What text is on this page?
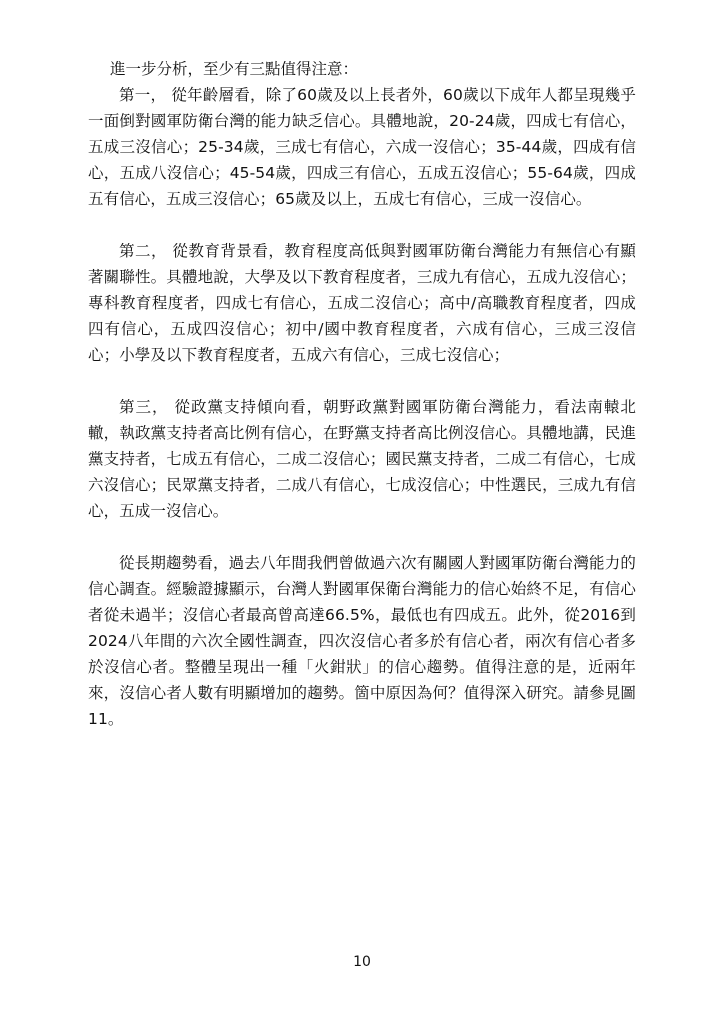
進一步分析，至少有三點值得注意：

第一， 從年齡層看，除了60歲及以上長者外，60歲以下成年人都呈現幾乎一面倒對國軍防衛台灣的能力缺乏信心。具體地說，20-24歲，四成七有信心，五成三沒信心；25-34歲，三成七有信心，六成一沒信心；35-44歲，四成有信心，五成八沒信心；45-54歲，四成三有信心，五成五沒信心；55-64歲，四成五有信心，五成三沒信心；65歲及以上，五成七有信心，三成一沒信心。

第二， 從教育背景看，教育程度高低與對國軍防衛台灣能力有無信心有顯著關聯性。具體地說，大學及以下教育程度者，三成九有信心，五成九沒信心；專科教育程度者，四成七有信心，五成二沒信心；高中/高職教育程度者，四成四有信心，五成四沒信心；初中/國中教育程度者，六成有信心，三成三沒信心；小學及以下教育程度者，五成六有信心，三成七沒信心；

第三， 從政黨支持傾向看，朝野政黨對國軍防衛台灣能力，看法南轅北轍，執政黨支持者高比例有信心，在野黨支持者高比例沒信心。具體地講，民進黨支持者，七成五有信心，二成二沒信心；國民黨支持者，二成二有信心，七成六沒信心；民眾黨支持者，二成八有信心，七成沒信心；中性選民，三成九有信心，五成一沒信心。

從長期趨勢看，過去八年間我們曾做過六次有關國人對國軍防衛台灣能力的信心調查。經驗證據顯示，台灣人對國軍保衛台灣能力的信心始終不足，有信心者從未過半；沒信心者最高曾高達66.5%，最低也有四成五。此外，從2016到2024八年間的六次全國性調查，四次沒信心者多於有信心者，兩次有信心者多於沒信心者。整體呈現出一種「火鉗狀」的信心趨勢。值得注意的是，近兩年來，沒信心者人數有明顯增加的趨勢。箇中原因為何？值得深入研究。請參見圖11。

10
